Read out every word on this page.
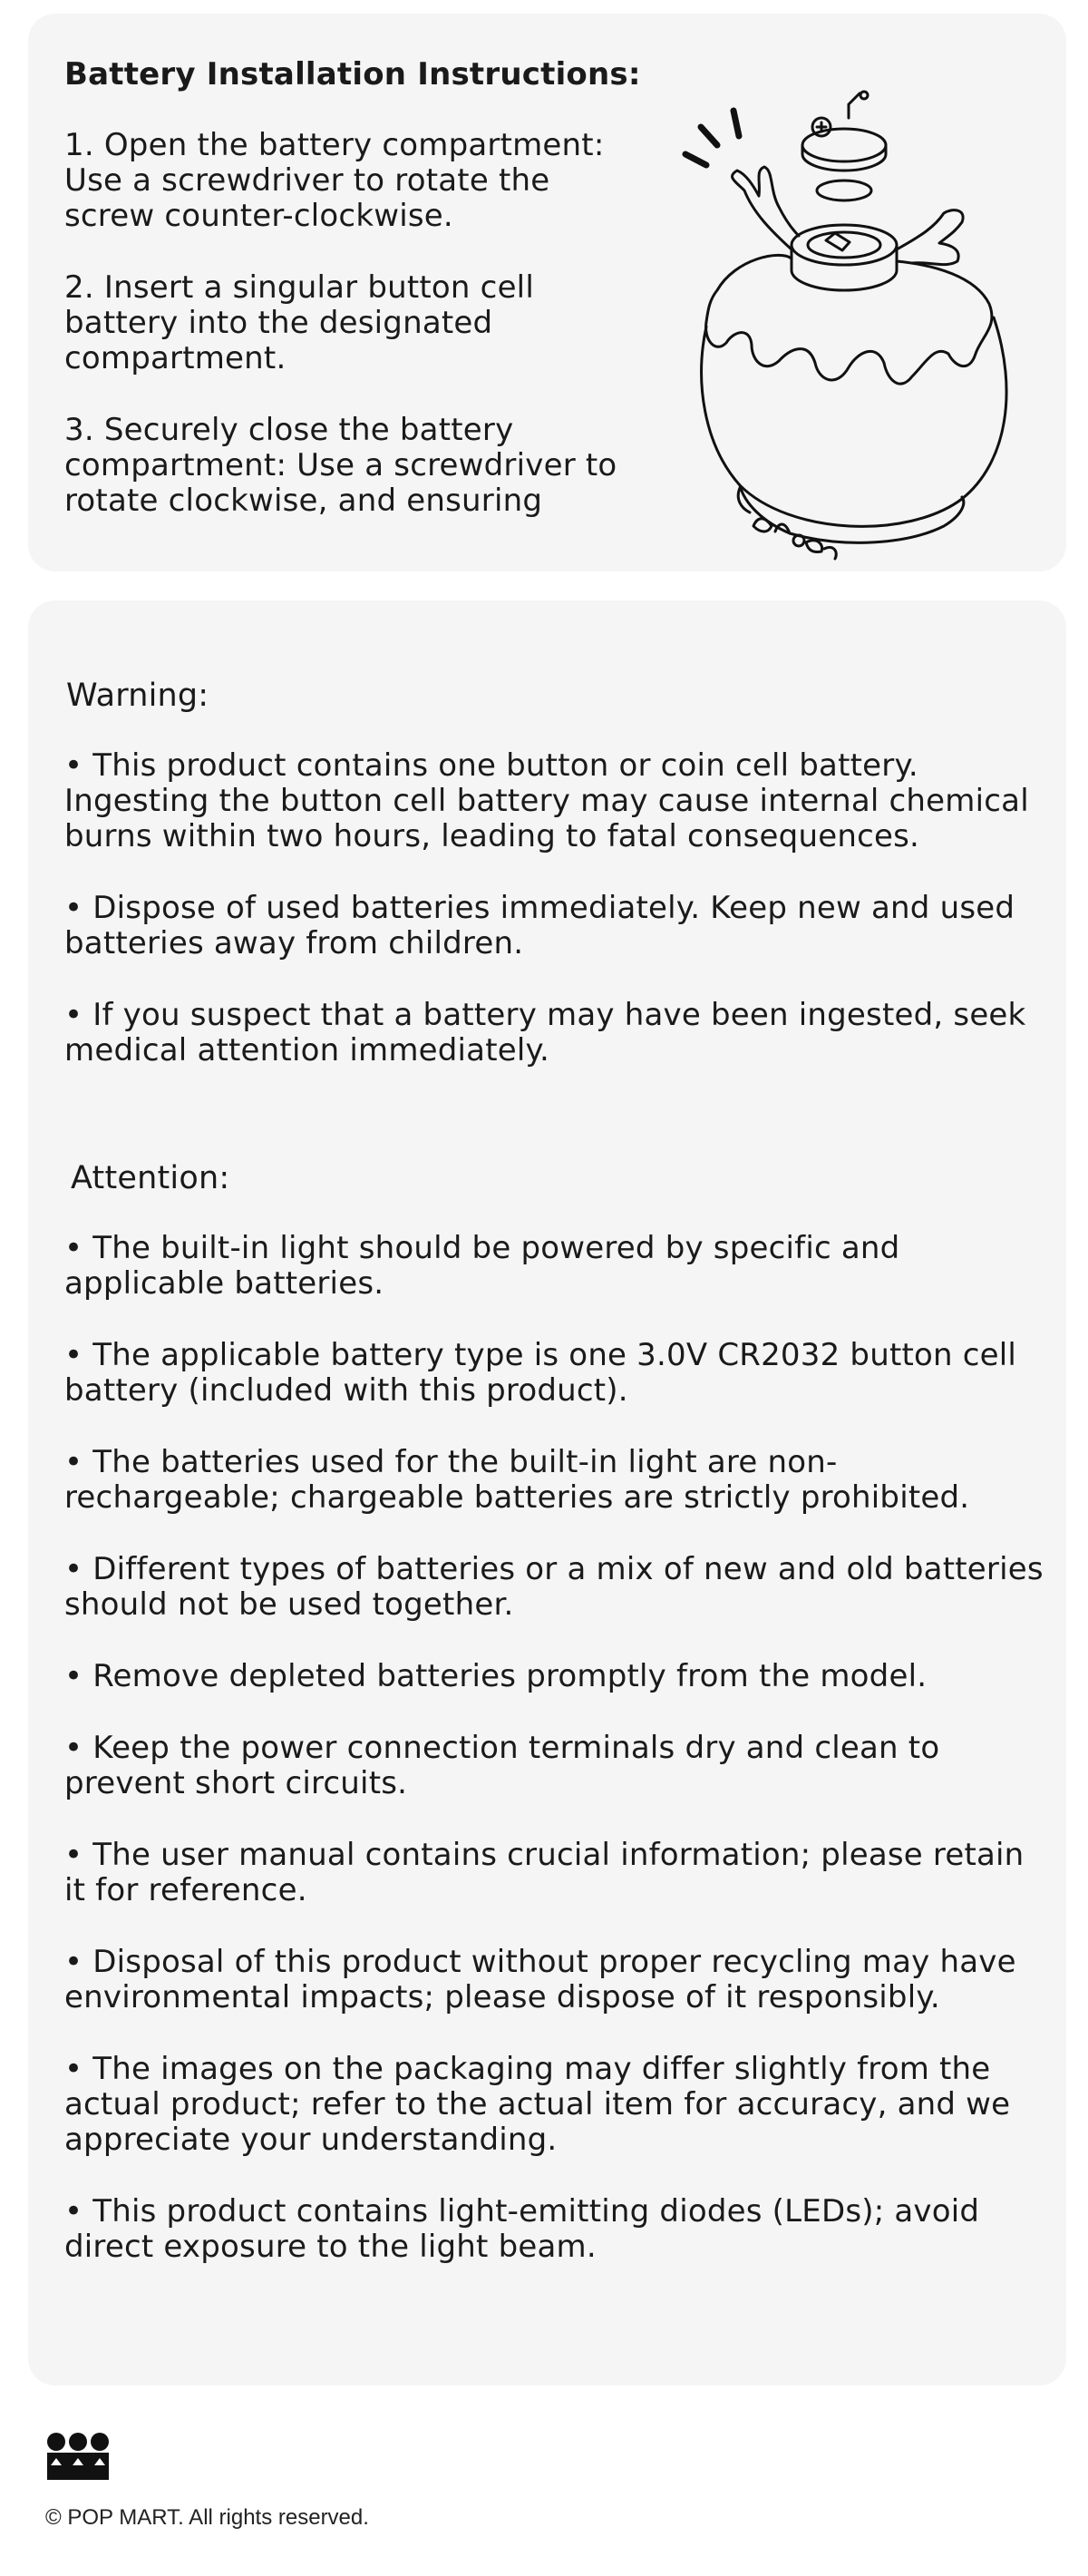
Battery Installation Instructions:

1. Open the battery compartment: Use a screwdriver to rotate the screw counter-clockwise.

2. Insert a singular button cell battery into the designated compartment.

3. Securely close the battery compartment: Use a screwdriver to rotate clockwise, and ensuring

Warning:

• This product contains one button or coin cell battery. Ingesting the button cell battery may cause internal chemical burns within two hours, leading to fatal consequences.

• Dispose of used batteries immediately. Keep new and used batteries away from children.

• If you suspect that a battery may have been ingested, seek medical attention immediately.

Attention:

• The built-in light should be powered by specific and applicable batteries.

• The applicable battery type is one 3.0V CR2032 button cell battery (included with this product).

• The batteries used for the built-in light are non-rechargeable; chargeable batteries are strictly prohibited.

• Different types of batteries or a mix of new and old batteries should not be used together.

• Remove depleted batteries promptly from the model.

• Keep the power connection terminals dry and clean to prevent short circuits.

• The user manual contains crucial information; please retain it for reference.

• Disposal of this product without proper recycling may have environmental impacts; please dispose of it responsibly.

• The images on the packaging may differ slightly from the actual product; refer to the actual item for accuracy, and we appreciate your understanding.

• This product contains light-emitting diodes (LEDs); avoid direct exposure to the light beam.

© POP MART. All rights reserved.
